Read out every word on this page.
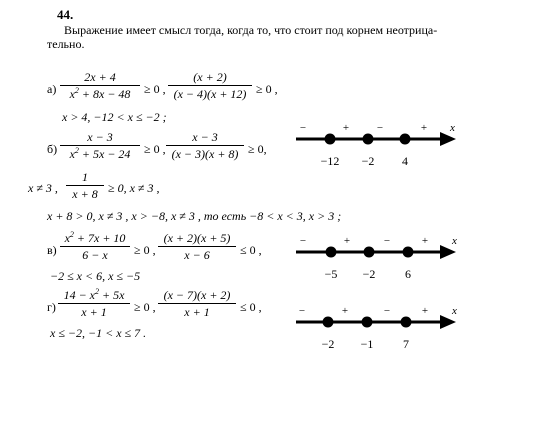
44.
Выражение имеет смысл тогда, когда то, что стоит под корнем неотрица-
тельно.
$а) \frac{2x + 4}{x^2 + 8x - 48} \ge 0$ , $\frac{(x + 2)}{(x - 4)(x + 12)} \ge 0$ ,
x > 4, −12 < x ≤ −2 ;
$б) \frac{x - 3}{x^2 + 5x - 24} \ge 0$ , $\frac{x - 3}{(x - 3)(x + 8)} \ge 0$,
x ≠ 3 , $\frac{1}{x + 8} \ge 0$, x ≠ 3 ,
x + 8 > 0, x ≠ 3 , x > −8, x ≠ 3 , то есть −8 < x < 3, x > 3 ;
$в) \frac{x^2 + 7x + 10}{6 - x} \ge 0$ , $\frac{(x + 2)(x + 5)}{x - 6} \le 0$ ,
−2 ≤ x < 6, x ≤ −5
$г) \frac{14 - x^2 + 5x}{x + 1} \ge 0$ , $\frac{(x - 7)(x + 2)}{x + 1} \le 0$ ,
x ≤ −2, −1 < x ≤ 7 .
−12	−2	4
−	+	−	+	x
−5	−2	6
−	+	−	+	x
−2	−1	7
−	+	−	+	x
